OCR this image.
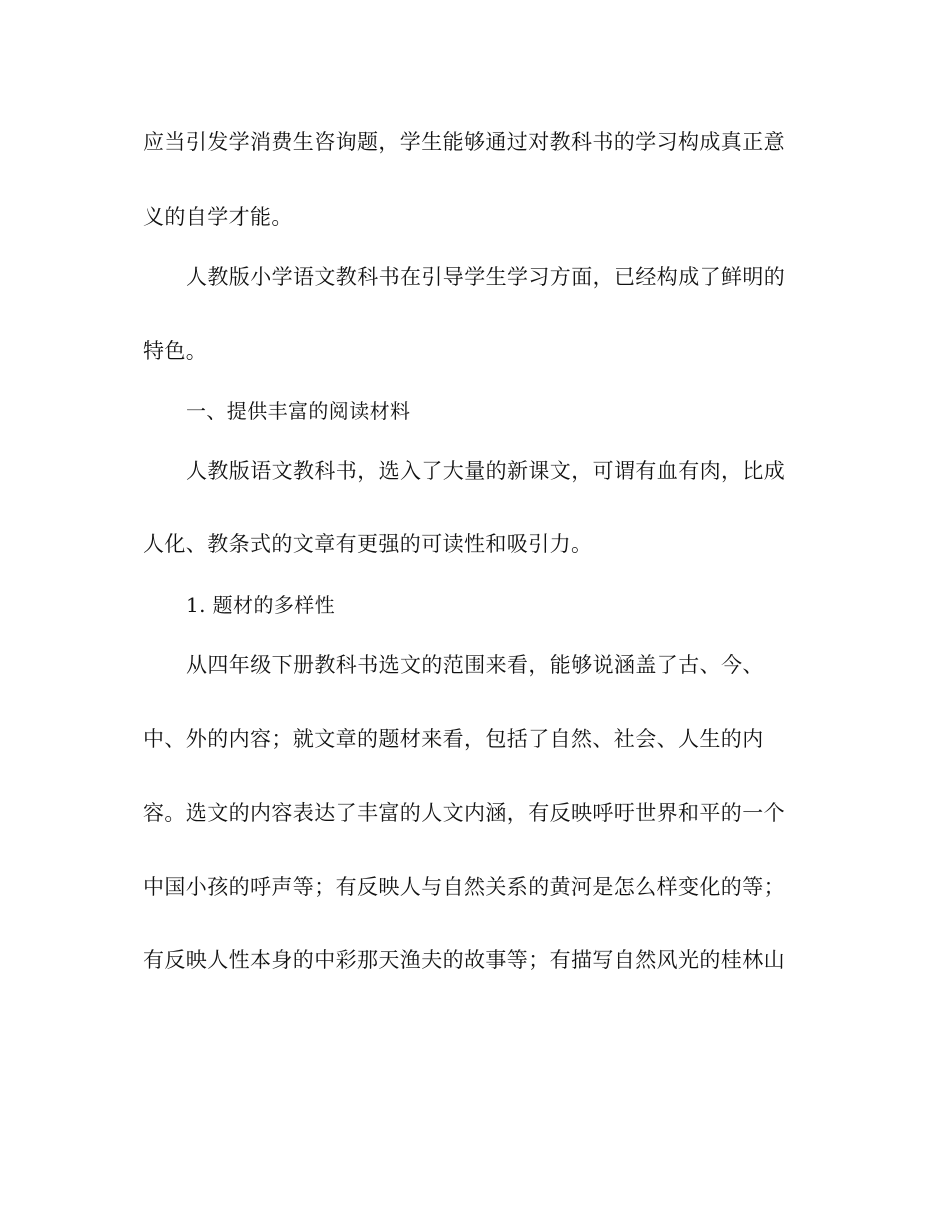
应当引发学消费生咨询题，学生能够通过对教科书的学习构成真正意
义的自学才能。
人教版小学语文教科书在引导学生学习方面，已经构成了鲜明的
特色。
一、提供丰富的阅读材料
人教版语文教科书，选入了大量的新课文，可谓有血有肉，比成
人化、教条式的文章有更强的可读性和吸引力。
1. 题材的多样性
从四年级下册教科书选文的范围来看，能够说涵盖了古、今、
中、外的内容；就文章的题材来看，包括了自然、社会、人生的内
容。选文的内容表达了丰富的人文内涵，有反映呼吁世界和平的一个
中国小孩的呼声等；有反映人与自然关系的黄河是怎么样变化的等；
有反映人性本身的中彩那天渔夫的故事等；有描写自然风光的桂林山
